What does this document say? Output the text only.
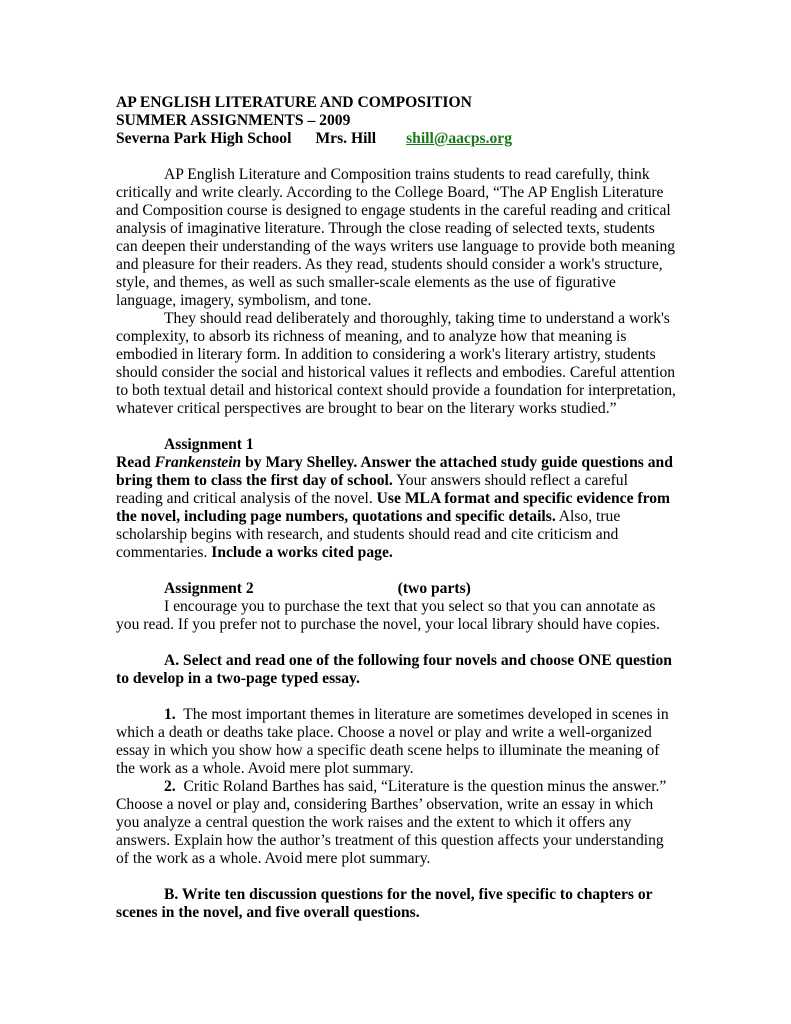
AP ENGLISH LITERATURE AND COMPOSITION

SUMMER ASSIGNMENTS – 2009

Severna Park High School Mrs. Hill shill@aacps.org

AP English Literature and Composition trains students to read carefully, think critically and write clearly. According to the College Board, “The AP English Literature and Composition course is designed to engage students in the careful reading and critical analysis of imaginative literature. Through the close reading of selected texts, students can deepen their understanding of the ways writers use language to provide both meaning and pleasure for their readers. As they read, students should consider a work's structure, style, and themes, as well as such smaller-scale elements as the use of figurative language, imagery, symbolism, and tone.

They should read deliberately and thoroughly, taking time to understand a work's complexity, to absorb its richness of meaning, and to analyze how that meaning is embodied in literary form. In addition to considering a work's literary artistry, students should consider the social and historical values it reflects and embodies. Careful attention to both textual detail and historical context should provide a foundation for interpretation, whatever critical perspectives are brought to bear on the literary works studied.”

Assignment 1

Read Frankenstein by Mary Shelley. Answer the attached study guide questions and bring them to class the first day of school. Your answers should reflect a careful reading and critical analysis of the novel. Use MLA format and specific evidence from the novel, including page numbers, quotations and specific details. Also, true scholarship begins with research, and students should read and cite criticism and commentaries. Include a works cited page.

Assignment 2	(two parts)

I encourage you to purchase the text that you select so that you can annotate as you read. If you prefer not to purchase the novel, your local library should have copies.

A. Select and read one of the following four novels and choose ONE question to develop in a two-page typed essay.

1. The most important themes in literature are sometimes developed in scenes in which a death or deaths take place. Choose a novel or play and write a well-organized essay in which you show how a specific death scene helps to illuminate the meaning of the work as a whole. Avoid mere plot summary.

2. Critic Roland Barthes has said, “Literature is the question minus the answer.” Choose a novel or play and, considering Barthes’ observation, write an essay in which you analyze a central question the work raises and the extent to which it offers any answers. Explain how the author’s treatment of this question affects your understanding of the work as a whole. Avoid mere plot summary.

B. Write ten discussion questions for the novel, five specific to chapters or scenes in the novel, and five overall questions.
